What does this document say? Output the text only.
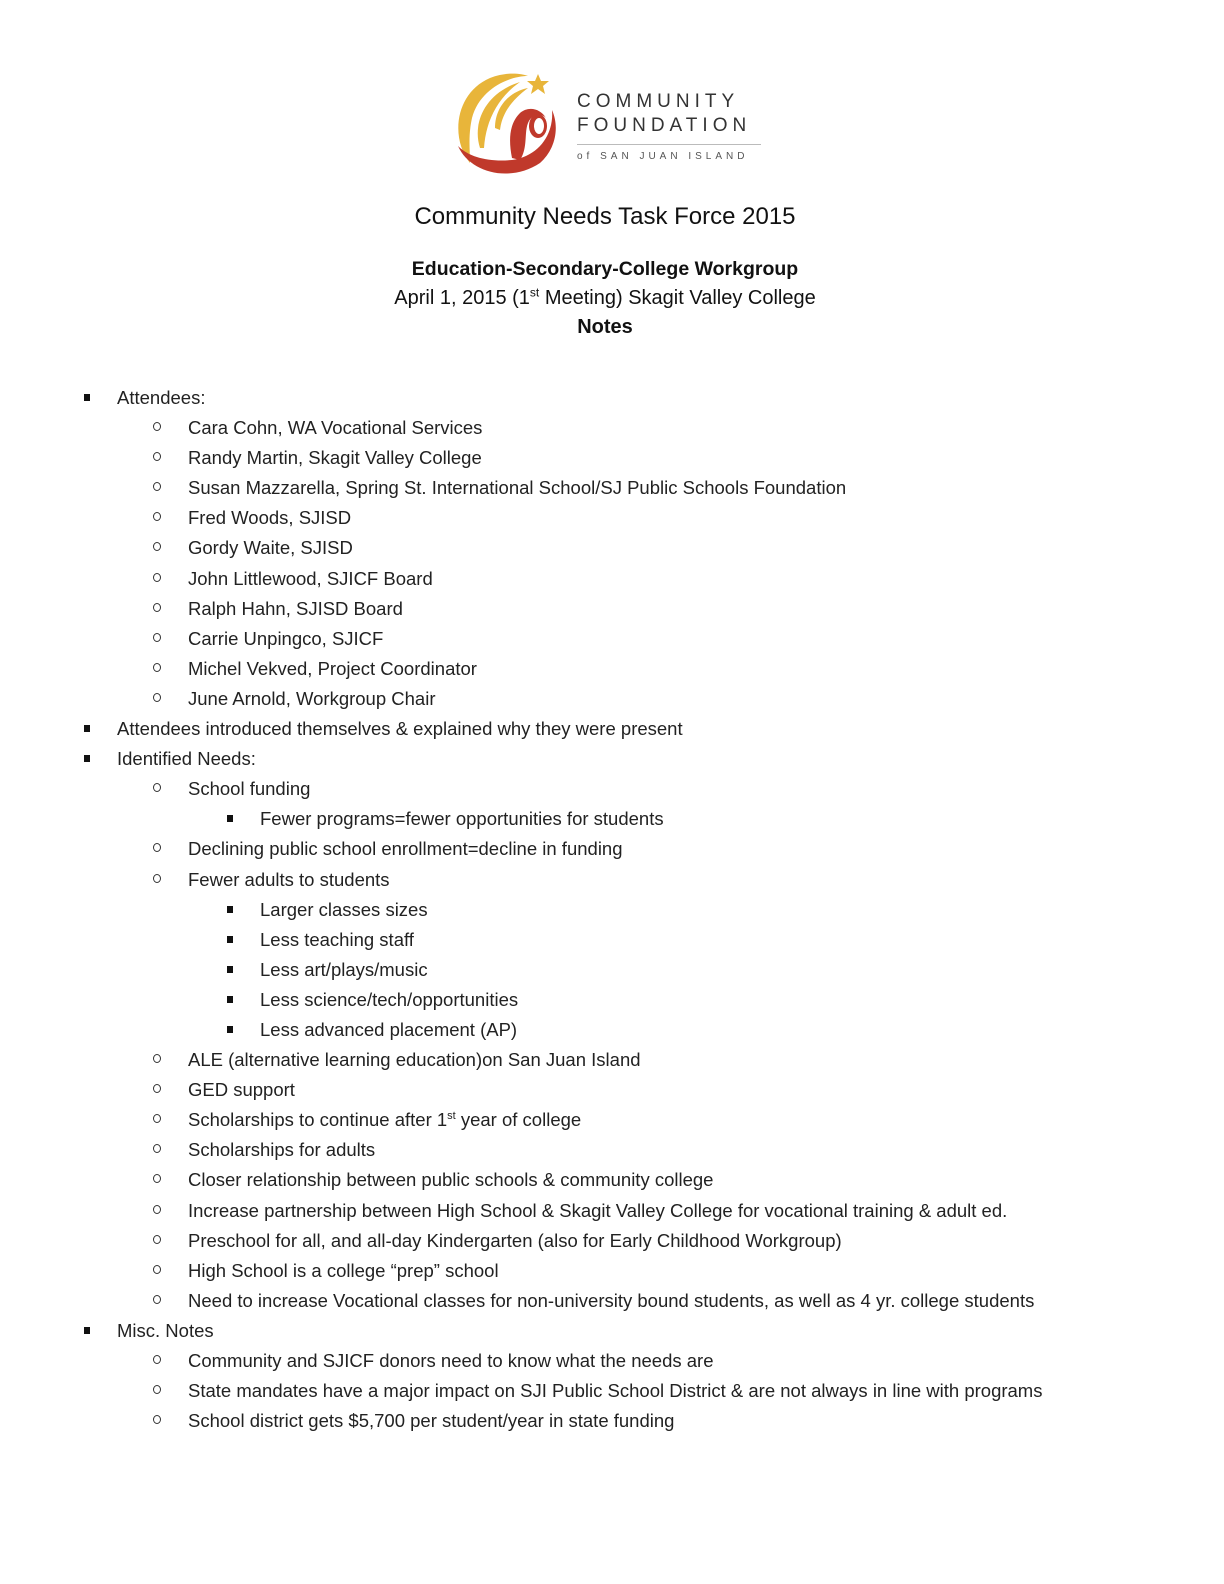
COMMUNITY
FOUNDATION
of SAN JUAN ISLAND
Community Needs Task Force 2015
Education-Secondary-College Workgroup
April 1, 2015 (1st Meeting) Skagit Valley College
Notes
Attendees:
Cara Cohn, WA Vocational Services
Randy Martin, Skagit Valley College
Susan Mazzarella, Spring St. International School/SJ Public Schools Foundation
Fred Woods, SJISD
Gordy Waite, SJISD
John Littlewood, SJICF Board
Ralph Hahn, SJISD Board
Carrie Unpingco, SJICF
Michel Vekved, Project Coordinator
June Arnold, Workgroup Chair
Attendees introduced themselves & explained why they were present
Identified Needs:
School funding
Fewer programs=fewer opportunities for students
Declining public school enrollment=decline in funding
Fewer adults to students
Larger classes sizes
Less teaching staff
Less art/plays/music
Less science/tech/opportunities
Less advanced placement (AP)
ALE (alternative learning education)on San Juan Island
GED support
Scholarships to continue after 1st year of college
Scholarships for adults
Closer relationship between public schools & community college
Increase partnership between High School & Skagit Valley College for vocational training & adult ed.
Preschool for all, and all-day Kindergarten (also for Early Childhood Workgroup)
High School is a college “prep” school
Need to increase Vocational classes for non-university bound students, as well as 4 yr. college students
Misc. Notes
Community and SJICF donors need to know what the needs are
State mandates have a major impact on SJI Public School District & are not always in line with programs
School district gets $5,700 per student/year in state funding
